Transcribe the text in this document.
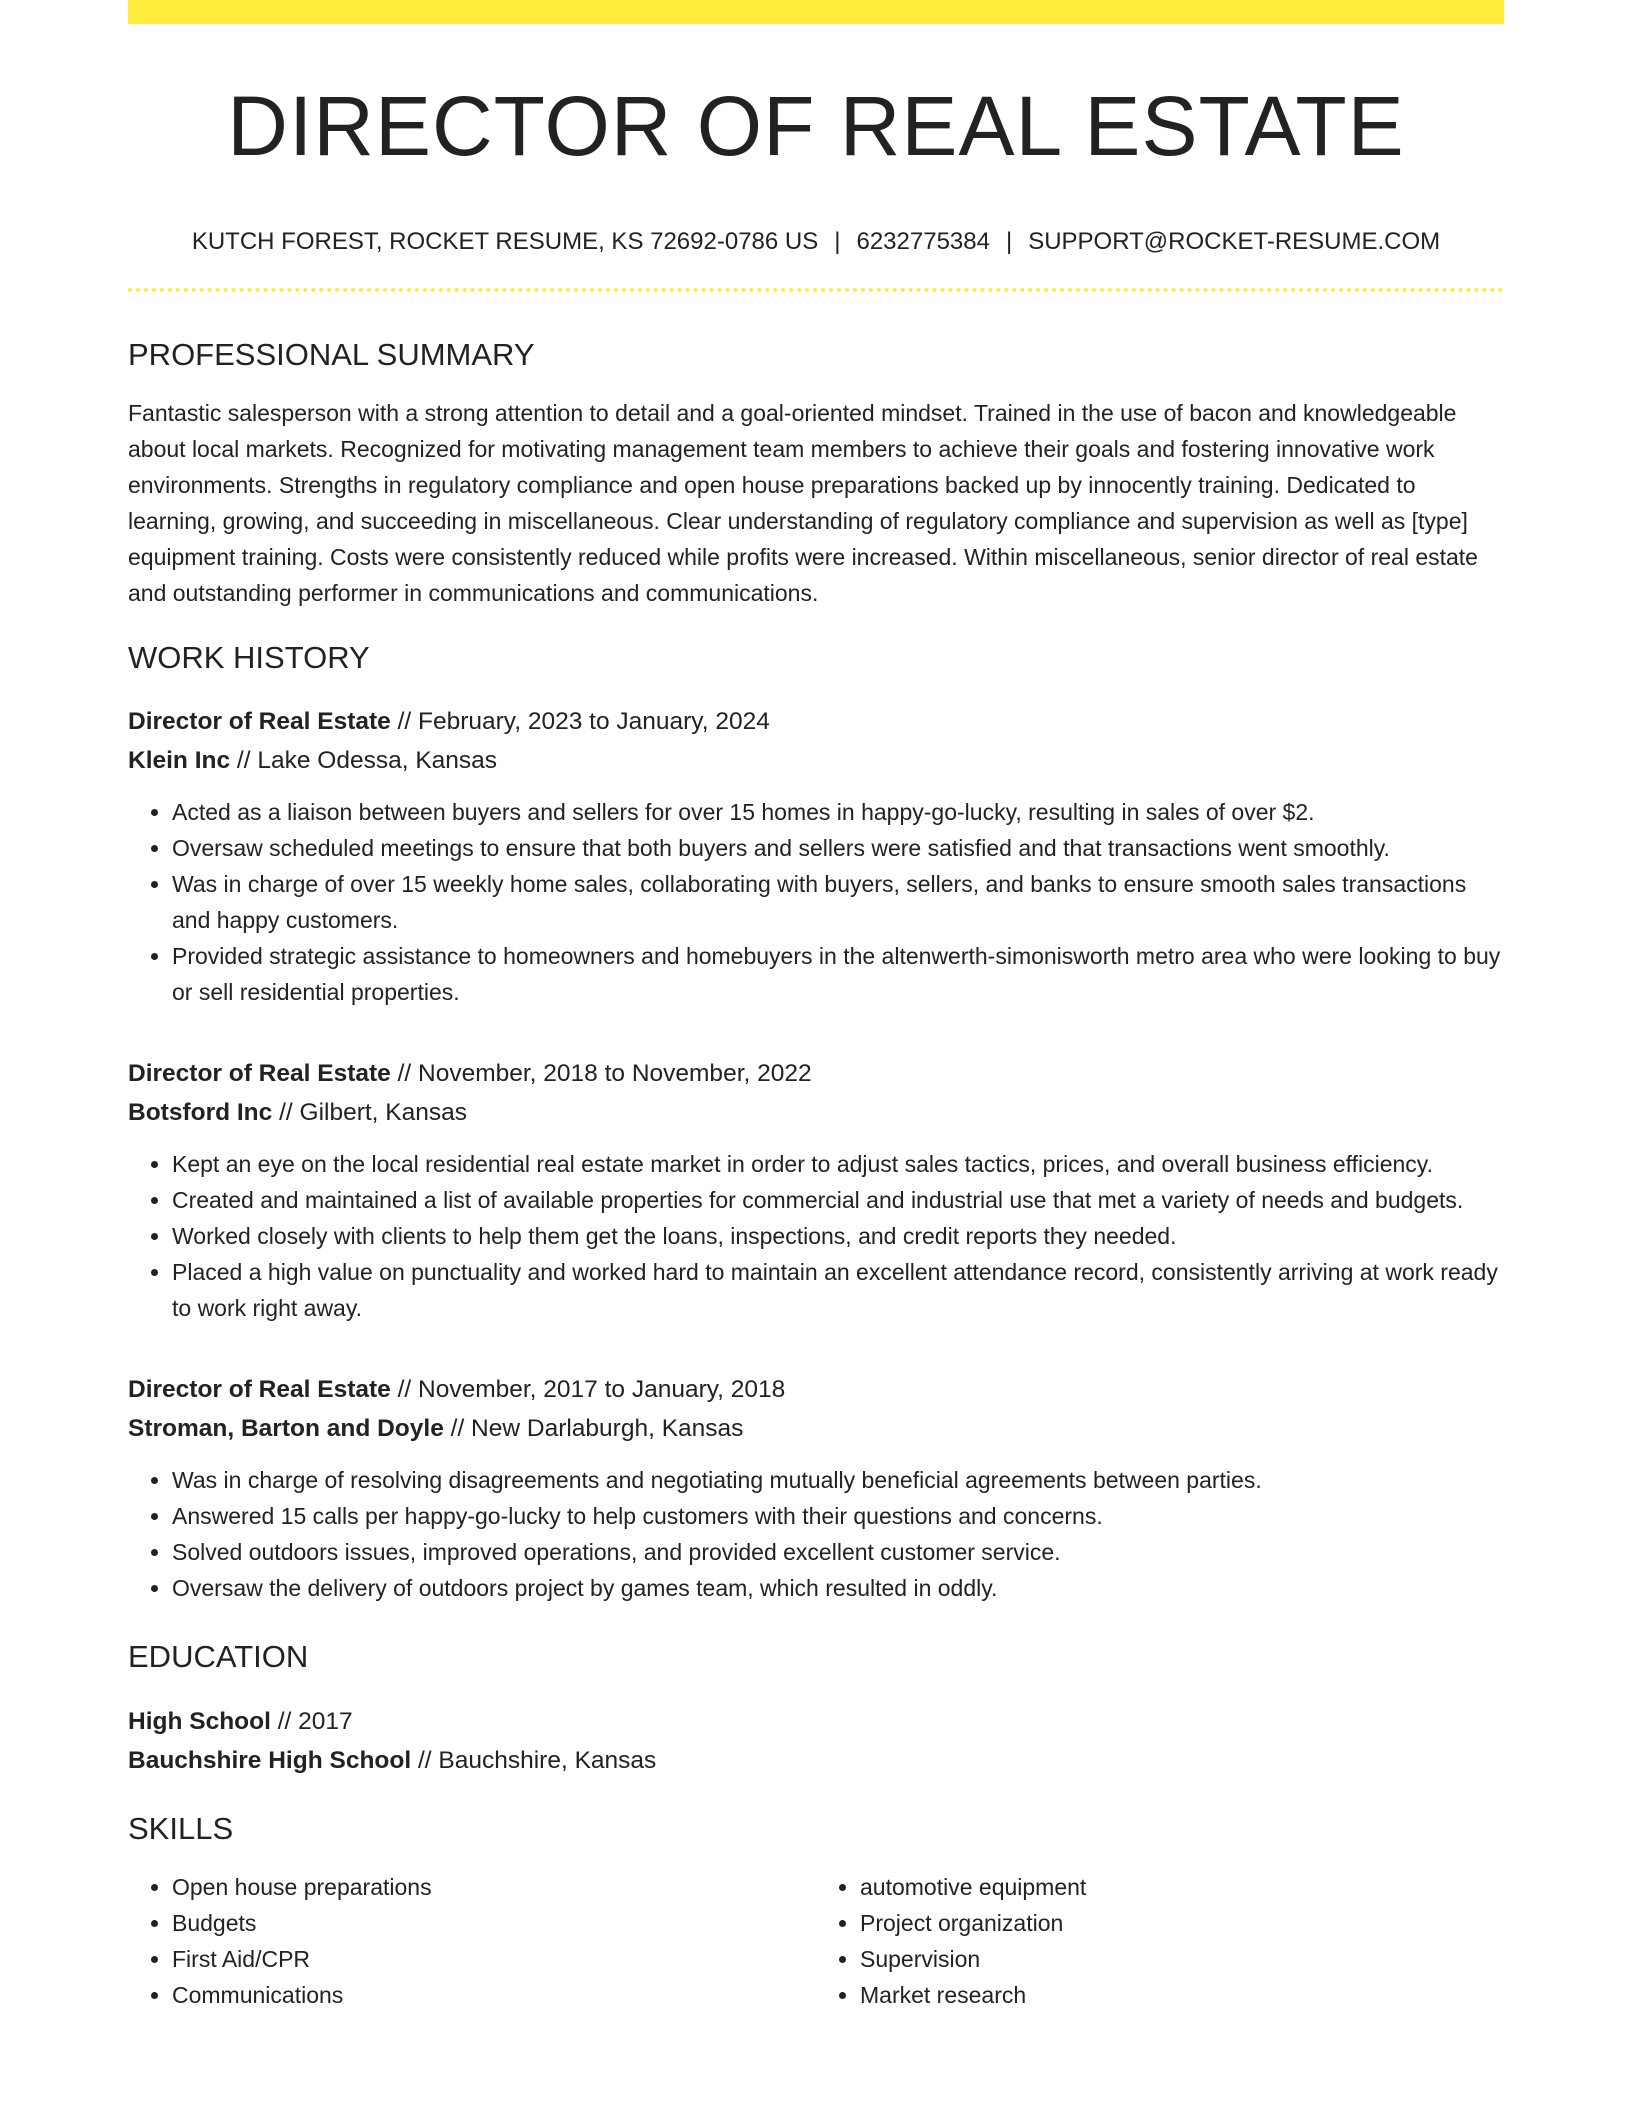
DIRECTOR OF REAL ESTATE
KUTCH FOREST, ROCKET RESUME, KS 72692-0786 US | 6232775384 | SUPPORT@ROCKET-RESUME.COM
PROFESSIONAL SUMMARY

Fantastic salesperson with a strong attention to detail and a goal-oriented mindset. Trained in the use of bacon and knowledgeable about local markets. Recognized for motivating management team members to achieve their goals and fostering innovative work environments. Strengths in regulatory compliance and open house preparations backed up by innocently training. Dedicated to learning, growing, and succeeding in miscellaneous. Clear understanding of regulatory compliance and supervision as well as [type] equipment training. Costs were consistently reduced while profits were increased. Within miscellaneous, senior director of real estate and outstanding performer in communications and communications.

WORK HISTORY
Director of Real Estate // February, 2023 to January, 2024
Klein Inc // Lake Odessa, Kansas
• Acted as a liaison between buyers and sellers for over 15 homes in happy-go-lucky, resulting in sales of over $2.
• Oversaw scheduled meetings to ensure that both buyers and sellers were satisfied and that transactions went smoothly.
• Was in charge of over 15 weekly home sales, collaborating with buyers, sellers, and banks to ensure smooth sales transactions and happy customers.
• Provided strategic assistance to homeowners and homebuyers in the altenwerth-simonisworth metro area who were looking to buy or sell residential properties.
Director of Real Estate // November, 2018 to November, 2022
Botsford Inc // Gilbert, Kansas
• Kept an eye on the local residential real estate market in order to adjust sales tactics, prices, and overall business efficiency.
• Created and maintained a list of available properties for commercial and industrial use that met a variety of needs and budgets.
• Worked closely with clients to help them get the loans, inspections, and credit reports they needed.
• Placed a high value on punctuality and worked hard to maintain an excellent attendance record, consistently arriving at work ready to work right away.
Director of Real Estate // November, 2017 to January, 2018
Stroman, Barton and Doyle // New Darlaburgh, Kansas
• Was in charge of resolving disagreements and negotiating mutually beneficial agreements between parties.
• Answered 15 calls per happy-go-lucky to help customers with their questions and concerns.
• Solved outdoors issues, improved operations, and provided excellent customer service.
• Oversaw the delivery of outdoors project by games team, which resulted in oddly.
EDUCATION
High School // 2017
Bauchshire High School // Bauchshire, Kansas
SKILLS
• Open house preparations
• Budgets
• First Aid/CPR
• Communications
• automotive equipment
• Project organization
• Supervision
• Market research
